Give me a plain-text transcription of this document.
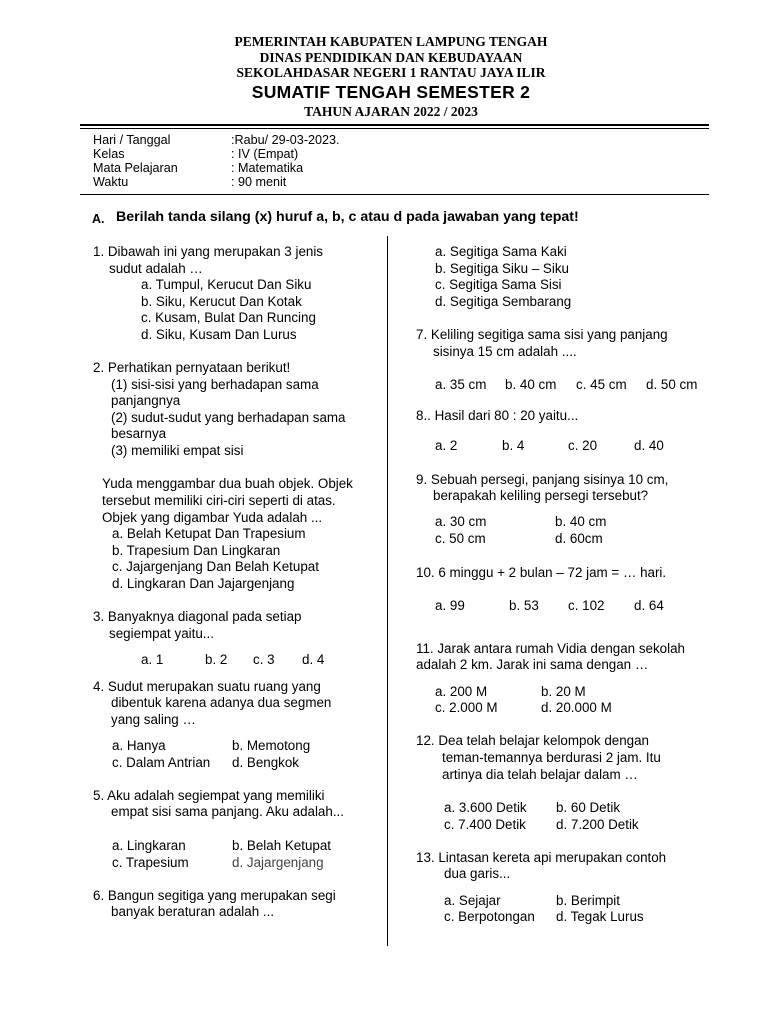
PEMERINTAH KABUPATEN LAMPUNG TENGAH
DINAS PENDIDIKAN DAN KEBUDAYAAN
SEKOLAHDASAR NEGERI 1 RANTAU JAYA ILIR
SUMATIF TENGAH SEMESTER 2
TAHUN AJARAN 2022 / 2023
Hari / Tanggal	:Rabu/ 29-03-2023.
Kelas	: IV (Empat)
Mata Pelajaran	: Matematika
Waktu	: 90 menit
A. Berilah tanda silang (x) huruf a, b, c atau d pada jawaban yang tepat!
1. Dibawah ini yang merupakan 3 jenis
sudut adalah …
a. Tumpul, Kerucut Dan Siku
b. Siku, Kerucut Dan Kotak
c. Kusam, Bulat Dan Runcing
d. Siku, Kusam Dan Lurus
2. Perhatikan pernyataan berikut!
(1) sisi-sisi yang berhadapan sama
panjangnya
(2) sudut-sudut yang berhadapan sama
besarnya
(3) memiliki empat sisi
Yuda menggambar dua buah objek. Objek
tersebut memiliki ciri-ciri seperti di atas.
Objek yang digambar Yuda adalah ...
a. Belah Ketupat Dan Trapesium
b. Trapesium Dan Lingkaran
c. Jajargenjang Dan Belah Ketupat
d. Lingkaran Dan Jajargenjang
3. Banyaknya diagonal pada setiap
segiempat yaitu...
a. 1	b. 2 c. 3 d. 4
4. Sudut merupakan suatu ruang yang
dibentuk karena adanya dua segmen
yang saling …
a. Hanya	b. Memotong
c. Dalam Antrian d. Bengkok
5. Aku adalah segiempat yang memiliki
empat sisi sama panjang. Aku adalah...
a. Lingkaran	b. Belah Ketupat
c. Trapesium	d. Jajargenjang
6. Bangun segitiga yang merupakan segi
banyak beraturan adalah ...
a. Segitiga Sama Kaki
b. Segitiga Siku – Siku
c. Segitiga Sama Sisi
d. Segitiga Sembarang
7. Keliling segitiga sama sisi yang panjang
sisinya 15 cm adalah ....
a. 35 cm b. 40 cm c. 45 cm d. 50 cm
8.. Hasil dari 80 : 20 yaitu...
a. 2	b. 4	c. 20	d. 40
9. Sebuah persegi, panjang sisinya 10 cm,
berapakah keliling persegi tersebut?
a. 30 cm	b. 40 cm
c. 50 cm	d. 60cm
10. 6 minggu + 2 bulan – 72 jam = … hari.
a. 99	b. 53 c. 102 d. 64
11. Jarak antara rumah Vidia dengan sekolah
adalah 2 km. Jarak ini sama dengan …
a. 200 M	b. 20 M
c. 2.000 M	d. 20.000 M
12. Dea telah belajar kelompok dengan
teman-temannya berdurasi 2 jam. Itu
artinya dia telah belajar dalam …
a. 3.600 Detik b. 60 Detik
c. 7.400 Detik d. 7.200 Detik
13. Lintasan kereta api merupakan contoh
dua garis...
a. Sejajar	b. Berimpit
c. Berpotongan d. Tegak Lurus
